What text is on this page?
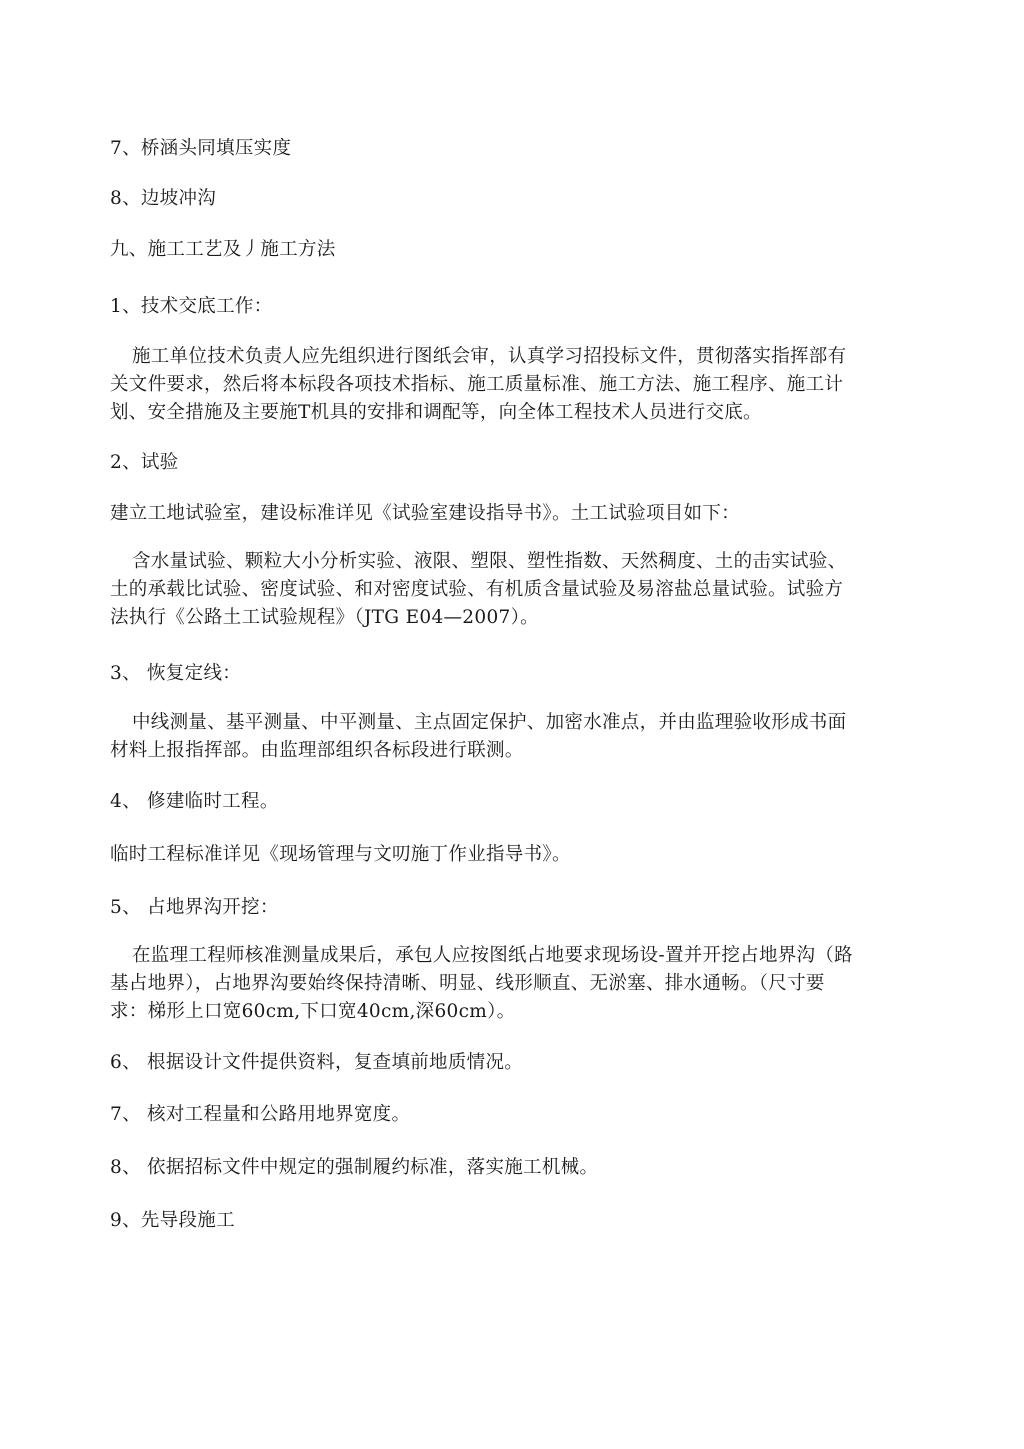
7、桥涵头同填压实度
8、边坡冲沟
九、施工工艺及丿施工方法
1、技术交底工作：
施工单位技术负责人应先组织进行图纸会审，认真学习招投标文件，贯彻落实指挥部有
关文件要求，然后将本标段各项技术指标、施工质量标准、施工方法、施工程序、施工计
划、安全措施及主要施T机具的安排和调配等，向全体工程技术人员进行交底。
2、试验
建立工地试验室，建设标准详见《试验室建设指导书》。土工试验项目如下：
含水量试验、颗粒大小分析实验、液限、塑限、塑性指数、天然稠度、土的击实试验、
土的承载比试验、密度试验、和对密度试验、有机质含量试验及易溶盐总量试验。试验方
法执行《公路土工试验规程》（JTG E04—2007）。
3、 恢复定线：
中线测量、基平测量、中平测量、主点固定保护、加密水准点，并由监理验收形成书面
材料上报指挥部。由监理部组织各标段进行联测。
4、 修建临时工程。
临时工程标准详见《现场管理与文叨施丁作业指导书》。
5、 占地界沟开挖：
在监理工程师核准测量成果后，承包人应按图纸占地要求现场设-置并开挖占地界沟（路
基占地界），占地界沟要始终保持清晰、明显、线形顺直、无淤塞、排水通畅。（尺寸要
求：梯形上口宽60cm,下口宽40cm,深60cm）。
6、 根据设计文件提供资料，复查填前地质情况。
7、 核对工程量和公路用地界宽度。
8、 依据招标文件中规定的强制履约标准，落实施工机械。
9、先导段施工
